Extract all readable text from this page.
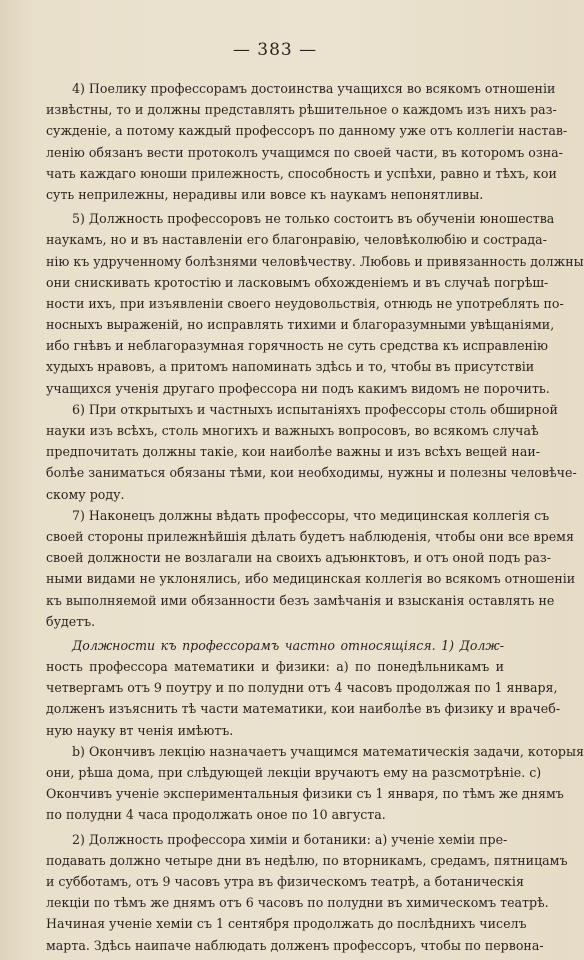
— 383 —
4) Поелику профессорамъ достоинства учащихся во всякомъ отношеніи
извѣстны, то и должны представлять рѣшительное о каждомъ изъ нихъ раз-
сужденіе, а потому каждый профессоръ по данному уже отъ коллегіи настав-
ленію обязанъ вести протоколъ учащимся по своей части, въ которомъ озна-
чать каждаго юноши прилежность, способность и успѣхи, равно и тѣхъ, кои
суть неприлежны, нерадивы или вовсе къ наукамъ непонятливы.
5) Должность профессоровъ не только состоитъ въ обученіи юношества
наукамъ, но и въ наставленіи его благонравію, человѣколюбію и сострада-
нію къ удрученному болѣзнями человѣчеству. Любовь и привязанность должны
они снискивать кротостію и ласковымъ обхожденіемъ и въ случаѣ погрѣш-
ности ихъ, при изъявленіи своего неудовольствія, отнюдь не употреблять по-
носныхъ выраженій, но исправлять тихими и благоразумными увѣщаніями,
ибо гнѣвъ и неблагоразумная горячность не суть средства къ исправленію
худыхъ нравовъ, а притомъ напоминать здѣсь и то, чтобы въ присутствіи
учащихся ученія другаго профессора ни подъ какимъ видомъ не порочить.
6) При открытыхъ и частныхъ испытаніяхъ профессоры столь обширной
науки изъ всѣхъ, столь многихъ и важныхъ вопросовъ, во всякомъ случаѣ
предпочитать должны такіе, кои наиболѣе важны и изъ всѣхъ вещей наи-
болѣе заниматься обязаны тѣми, кои необходимы, нужны и полезны человѣче-
скому роду.
7) Наконецъ должны вѣдать профессоры, что медицинская коллегія съ
своей стороны прилежнѣйшія дѣлать будетъ наблюденія, чтобы они все время
своей должности не возлагали на своихъ адъюнктовъ, и отъ оной подъ раз-
ными видами не уклонялись, ибо медицинская коллегія во всякомъ отношеніи
къ выполняемой ими обязанности безъ замѣчанія и взысканія оставлять не
будетъ.
Должности къ профессорамъ частно относящіяся. 1) Долж-
ность профессора математики и физики: а) по понедѣльникамъ и
четвергамъ отъ 9 поутру и по полудни отъ 4 часовъ продолжая по 1 января,
долженъ изъяснить тѣ части математики, кои наиболѣе въ физику и врачеб-
ную науку вт ченія имѣютъ.
b) Окончивъ лекцію назначаетъ учащимся математическія задачи, которыя
они, рѣша дома, при слѣдующей лекціи вручаютъ ему на разсмотрѣніе. с)
Окончивъ ученіе экспериментальныя физики съ 1 января, по тѣмъ же днямъ
по полудни 4 часа продолжать оное по 10 августа.
2) Должность профессора химіи и ботаники: а) ученіе хеміи пре-
подавать должно четыре дни въ недѣлю, по вторникамъ, средамъ, пятницамъ
и субботамъ, отъ 9 часовъ утра въ физическомъ театрѣ, а ботаническія
лекціи по тѣмъ же днямъ отъ 6 часовъ по полудни въ химическомъ театрѣ.
Начиная ученіе хеміи съ 1 сентября продолжать до послѣднихъ чиселъ
марта. Здѣсь наипаче наблюдать долженъ профессоръ, чтобы по первона-
